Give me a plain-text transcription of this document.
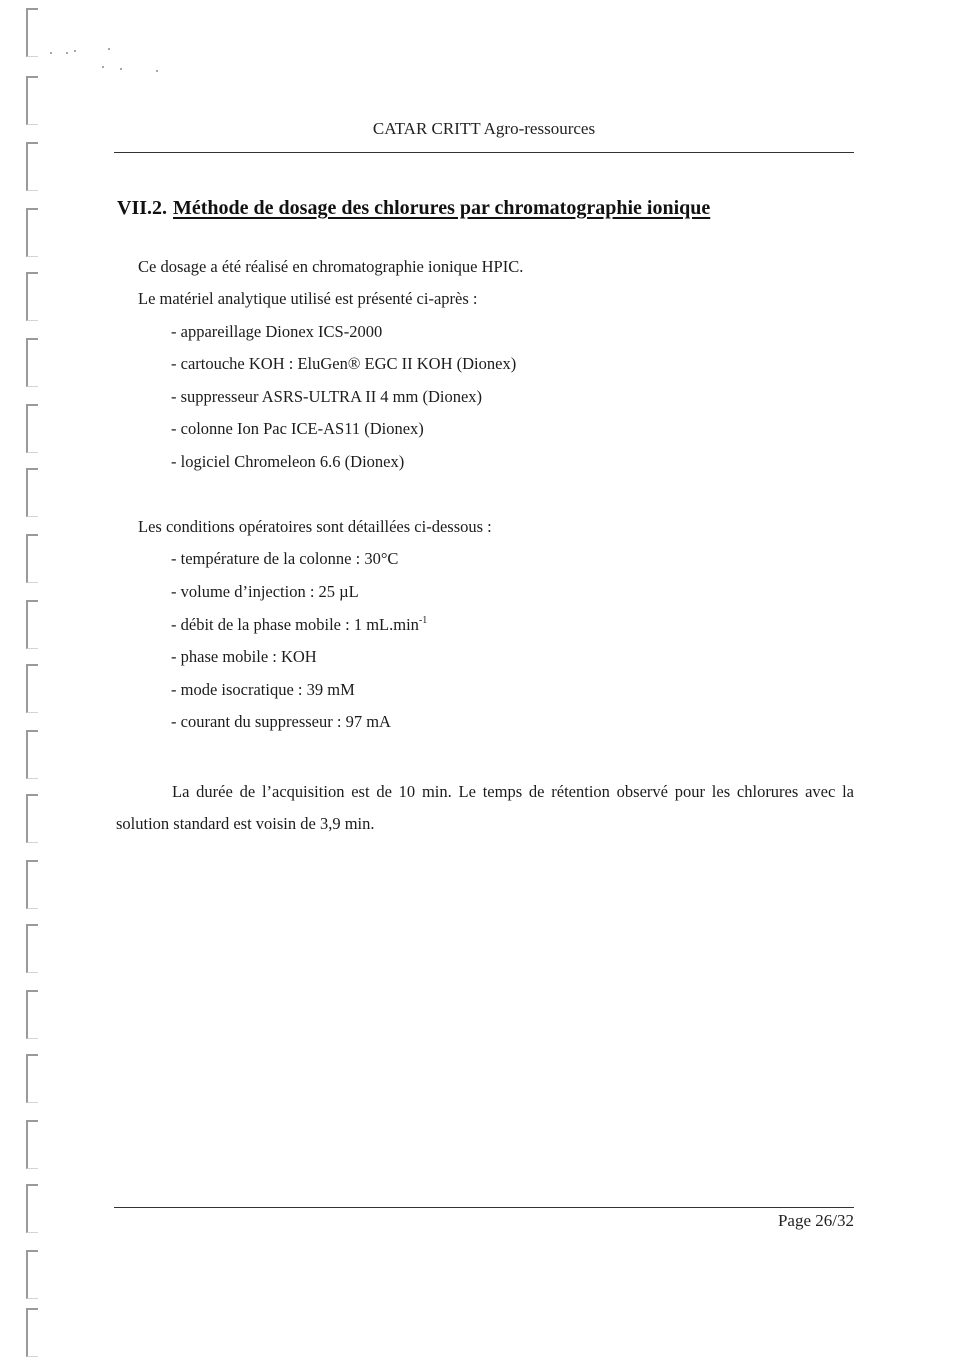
CATAR CRITT Agro-ressources
VII.2. Méthode de dosage des chlorures par chromatographie ionique
Ce dosage a été réalisé en chromatographie ionique HPIC.
Le matériel analytique utilisé est présenté ci-après :
- appareillage Dionex ICS-2000
- cartouche KOH : EluGen® EGC II KOH (Dionex)
- suppresseur ASRS-ULTRA II 4 mm (Dionex)
- colonne Ion Pac ICE-AS11 (Dionex)
- logiciel Chromeleon 6.6 (Dionex)
Les conditions opératoires sont détaillées ci-dessous :
- température de la colonne : 30°C
- volume d’injection : 25 µL
- débit de la phase mobile : 1 $mL.\min^{-1}$
- phase mobile : KOH
- mode isocratique : 39 mM
- courant du suppresseur : 97 mA
La durée de l’acquisition est de 10 min. Le temps de rétention observé pour les chlorures avec la solution standard est voisin de 3,9 min.
Page 26/32
